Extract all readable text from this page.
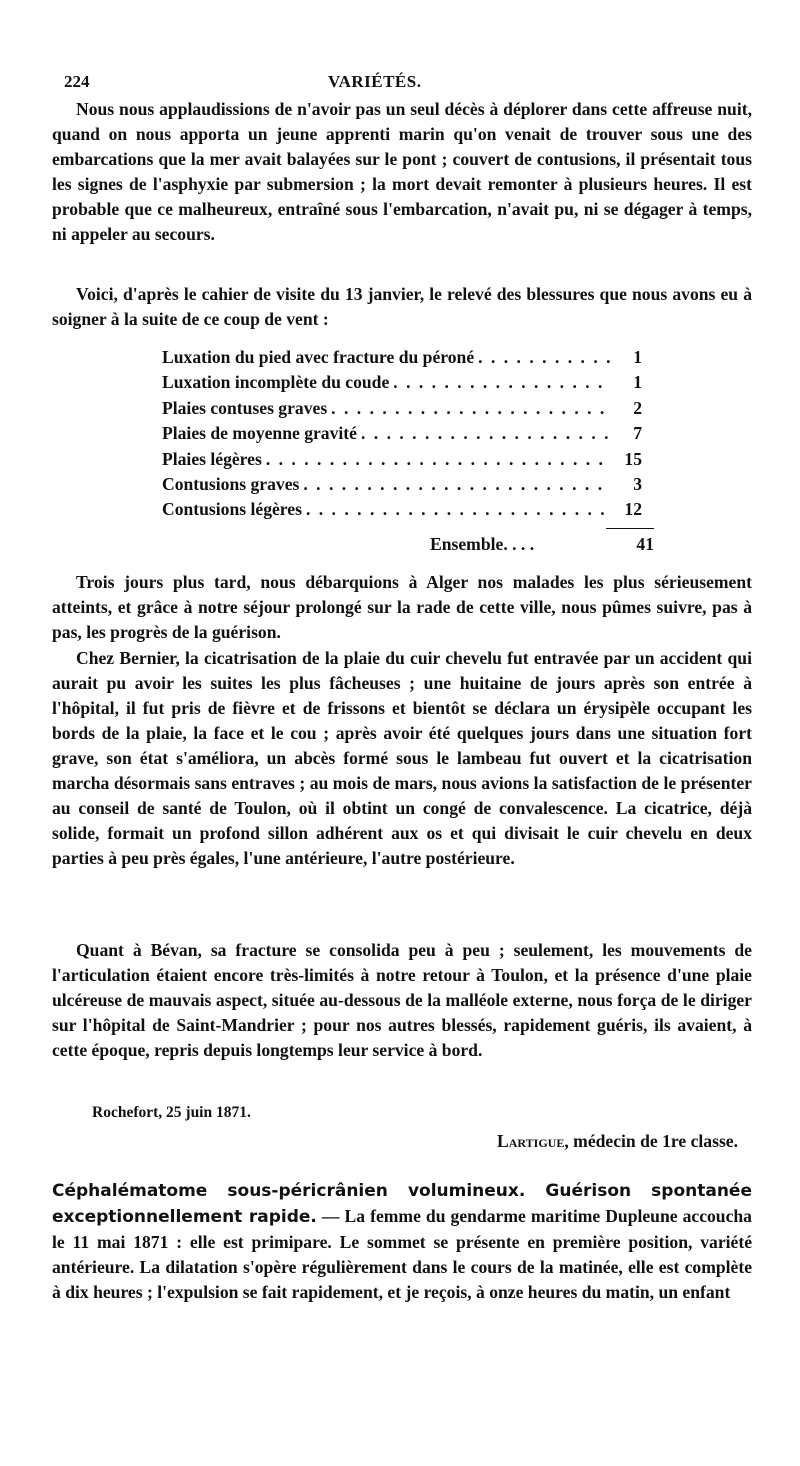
224	VARIÉTÉS.

Nous nous applaudissions de n'avoir pas un seul décès à déplorer dans cette affreuse nuit, quand on nous apporta un jeune apprenti marin qu'on venait de trouver sous une des embarcations que la mer avait balayées sur le pont ; couvert de contusions, il présentait tous les signes de l'asphyxie par submersion ; la mort devait remonter à plusieurs heures. Il est probable que ce malheureux, entraîné sous l'embarcation, n'avait pu, ni se dégager à temps, ni appeler au secours.

Voici, d'après le cahier de visite du 13 janvier, le relevé des blessures que nous avons eu à soigner à la suite de ce coup de vent :

Luxation du pied avec fracture du péroné . . .	1
Luxation incomplète du coude . . .	1
Plaies contuses graves . . .	2
Plaies de moyenne gravité . . .	7
Plaies légères . . .	15
Contusions graves . . .	3
Contusions légères . . .	12
Ensemble. . . .	41

Trois jours plus tard, nous débarquions à Alger nos malades les plus sérieusement atteints, et grâce à notre séjour prolongé sur la rade de cette ville, nous pûmes suivre, pas à pas, les progrès de la guérison.

Chez Bernier, la cicatrisation de la plaie du cuir chevelu fut entravée par un accident qui aurait pu avoir les suites les plus fâcheuses ; une huitaine de jours après son entrée à l'hôpital, il fut pris de fièvre et de frissons et bientôt se déclara un érysipèle occupant les bords de la plaie, la face et le cou ; après avoir été quelques jours dans une situation fort grave, son état s'améliora, un abcès formé sous le lambeau fut ouvert et la cicatrisation marcha désormais sans entraves ; au mois de mars, nous avions la satisfaction de le présenter au conseil de santé de Toulon, où il obtint un congé de convalescence. La cicatrice, déjà solide, formait un profond sillon adhérent aux os et qui divisait le cuir chevelu en deux parties à peu près égales, l'une antérieure, l'autre postérieure.

Quant à Bévan, sa fracture se consolida peu à peu ; seulement, les mouvements de l'articulation étaient encore très-limités à notre retour à Toulon, et la présence d'une plaie ulcéreuse de mauvais aspect, située au-dessous de la malléole externe, nous força de le diriger sur l'hôpital de Saint-Mandrier ; pour nos autres blessés, rapidement guéris, ils avaient, à cette époque, repris depuis longtemps leur service à bord.

Rochefort, 25 juin 1871.
Lartigue, médecin de 1re classe.
Céphalématome sous-péricrânien volumineux. Guérison spontanée exceptionnellement rapide. — La femme du gendarme maritime Dupleune accoucha le 11 mai 1871 : elle est primipare. Le sommet se présente en première position, variété antérieure. La dilatation s'opère régulièrement dans le cours de la matinée, elle est complète à dix heures ; l'expulsion se fait rapidement, et je reçois, à onze heures du matin, un enfant
